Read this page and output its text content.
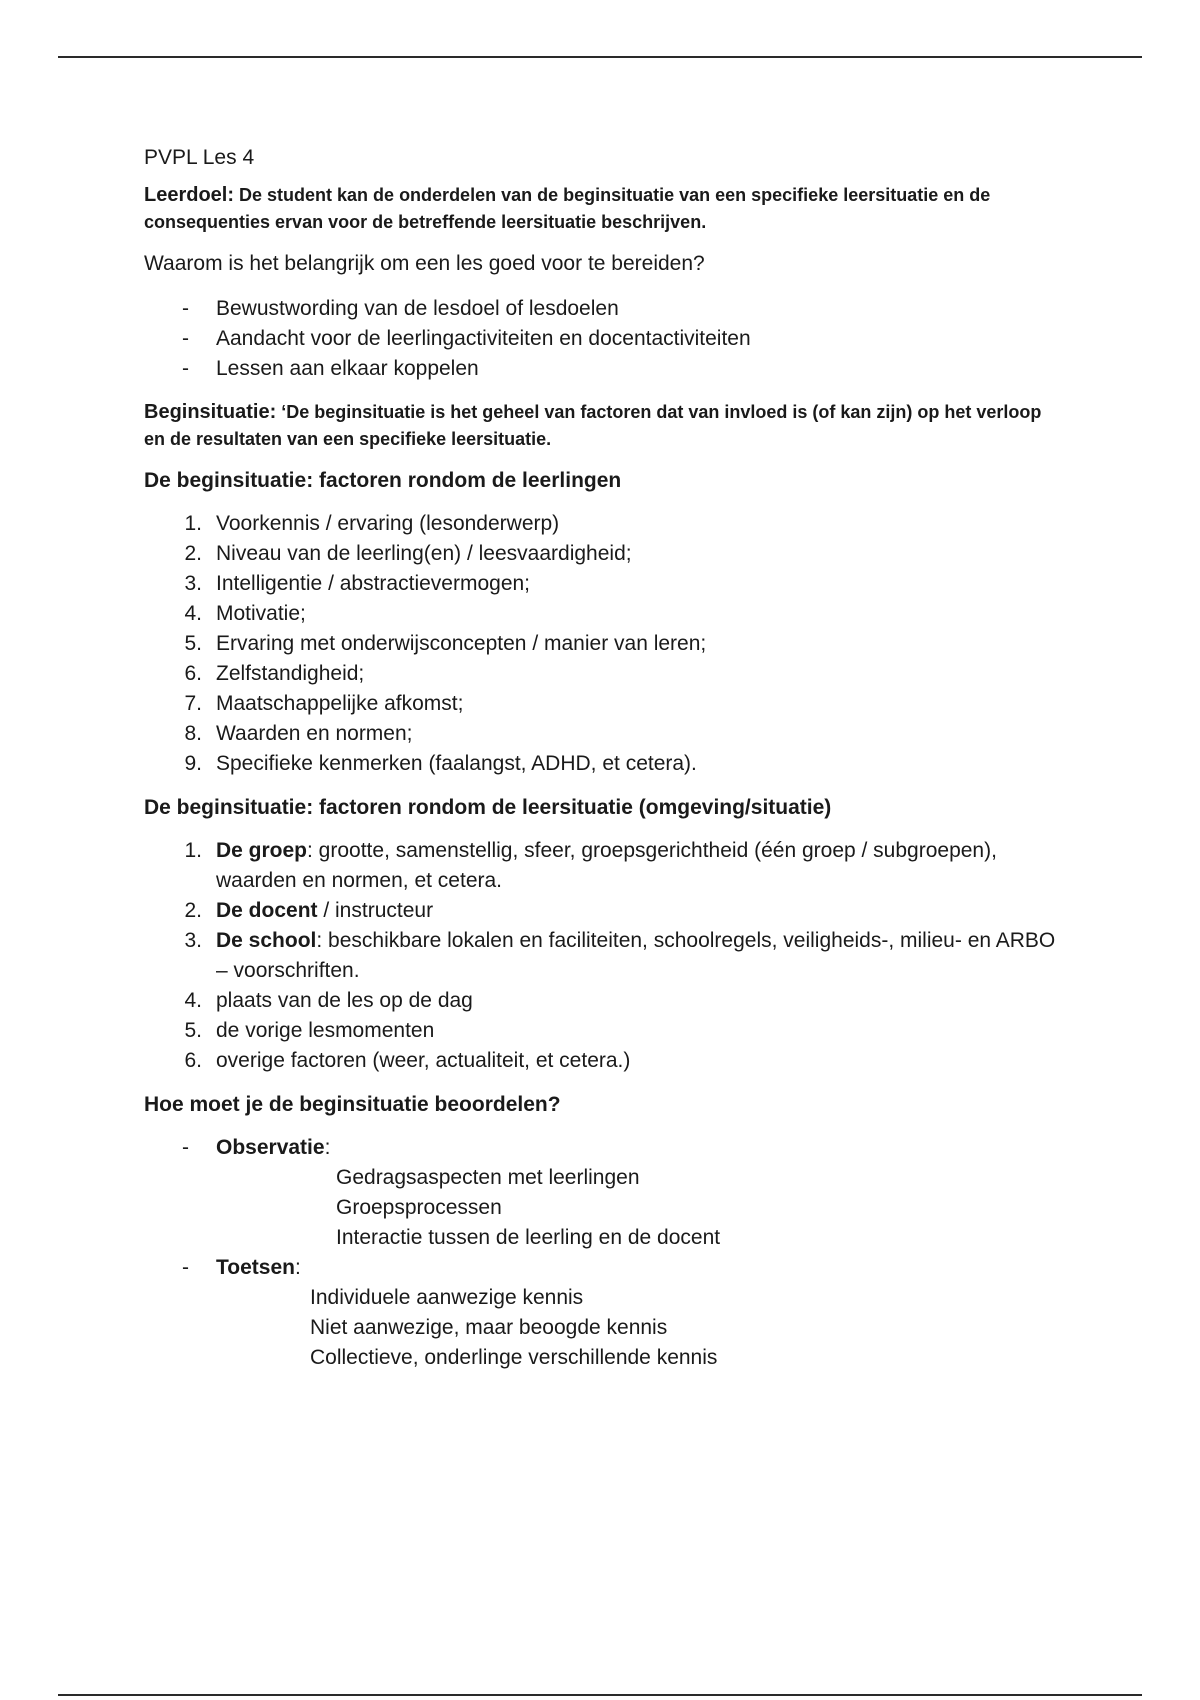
PVPL Les 4

Leerdoel: De student kan de onderdelen van de beginsituatie van een specifieke leersituatie en de consequenties ervan voor de betreffende leersituatie beschrijven.

Waarom is het belangrijk om een les goed voor te bereiden?

- Bewustwording van de lesdoel of lesdoelen
- Aandacht voor de leerlingactiviteiten en docentactiviteiten
- Lessen aan elkaar koppelen

Beginsituatie: ‘De beginsituatie is het geheel van factoren dat van invloed is (of kan zijn) op het verloop en de resultaten van een specifieke leersituatie.

De beginsituatie: factoren rondom de leerlingen

1. Voorkennis / ervaring (lesonderwerp)
2. Niveau van de leerling(en) / leesvaardigheid;
3. Intelligentie / abstractievermogen;
4. Motivatie;
5. Ervaring met onderwijsconcepten / manier van leren;
6. Zelfstandigheid;
7. Maatschappelijke afkomst;
8. Waarden en normen;
9. Specifieke kenmerken (faalangst, ADHD, et cetera).

De beginsituatie: factoren rondom de leersituatie (omgeving/situatie)

1. De groep: grootte, samenstellig, sfeer, groepsgerichtheid (één groep / subgroepen), waarden en normen, et cetera.
2. De docent / instructeur
3. De school: beschikbare lokalen en faciliteiten, schoolregels, veiligheids-, milieu- en ARBO – voorschriften.
4. plaats van de les op de dag
5. de vorige lesmomenten
6. overige factoren (weer, actualiteit, et cetera.)

Hoe moet je de beginsituatie beoordelen?

- Observatie:
Gedragsaspecten met leerlingen
Groepsprocessen
Interactie tussen de leerling en de docent
- Toetsen:
Individuele aanwezige kennis
Niet aanwezige, maar beoogde kennis
Collectieve, onderlinge verschillende kennis
